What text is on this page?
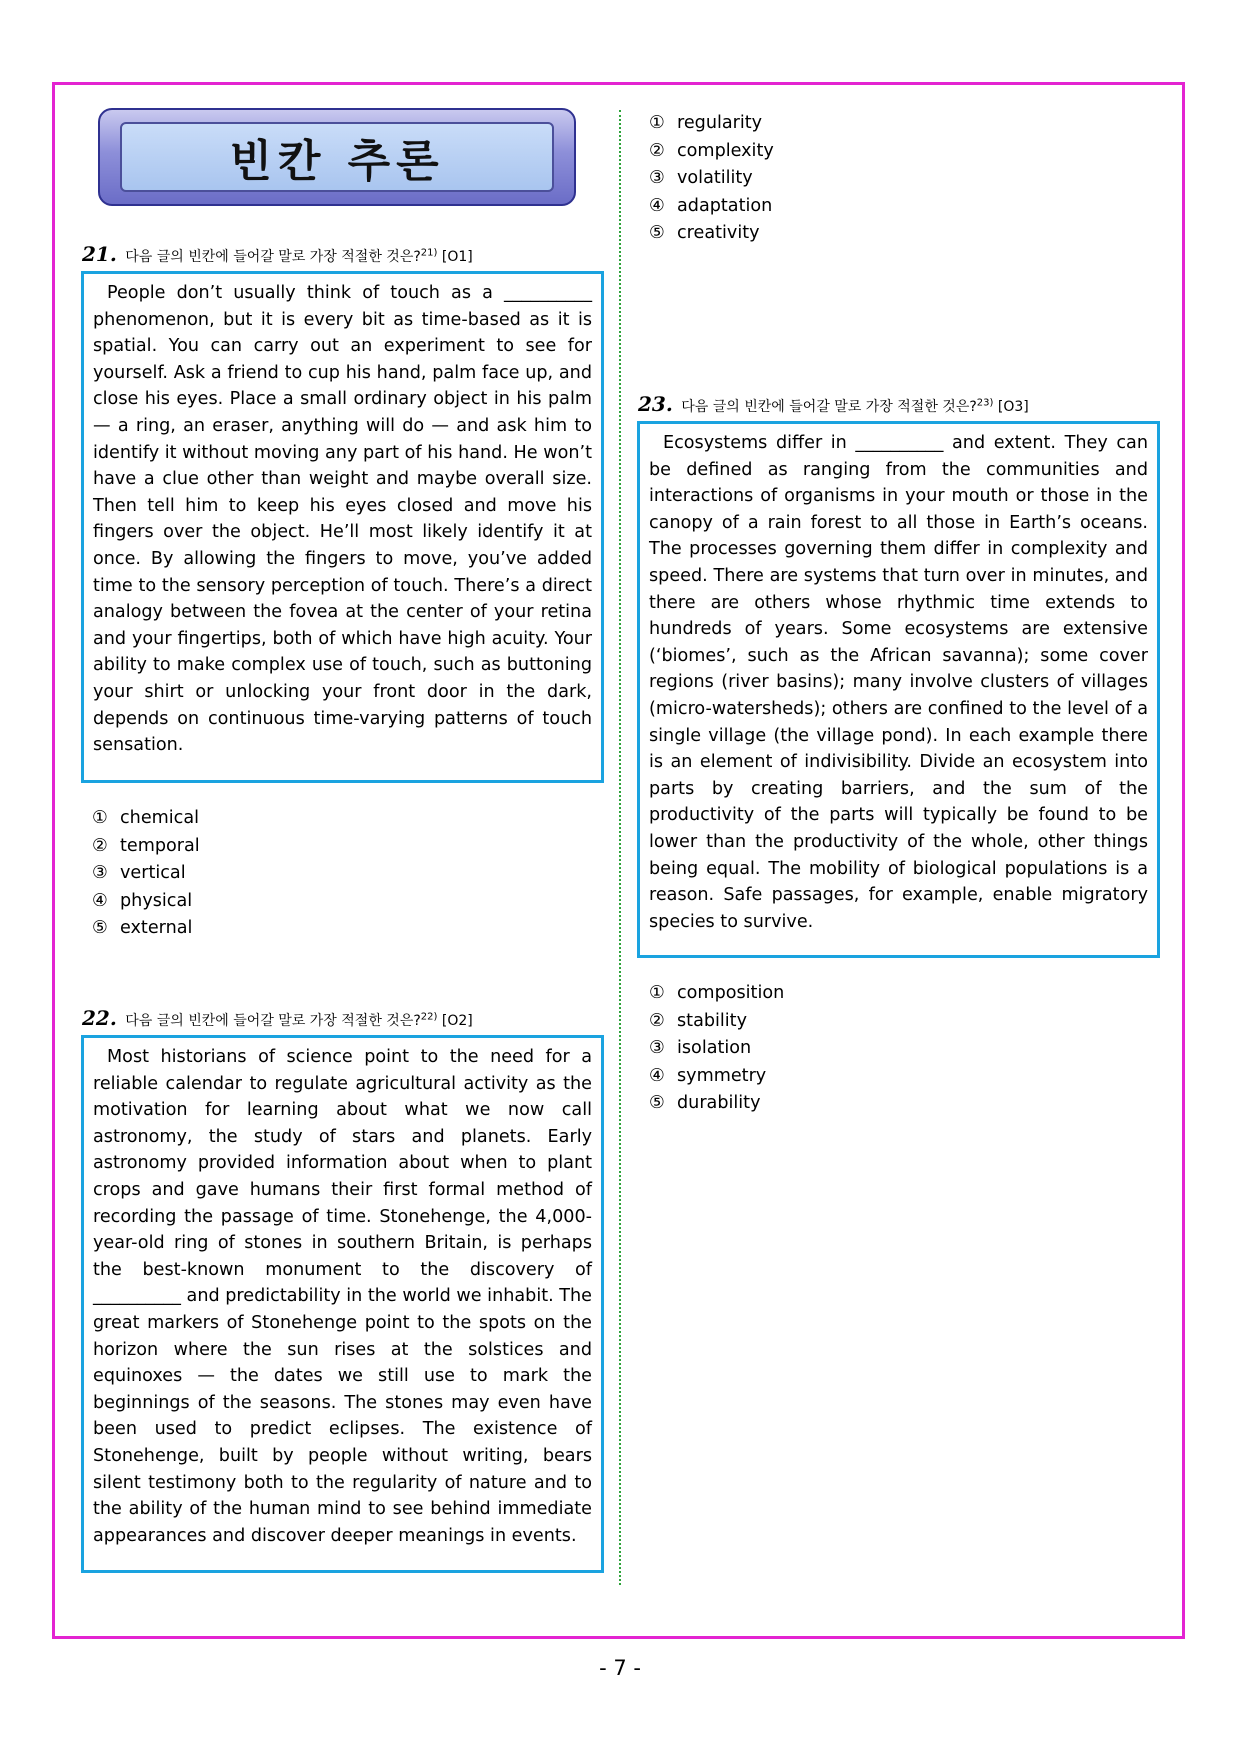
빈칸 추론
21. 다음 글의 빈칸에 들어갈 말로 가장 적절한 것은?$^{21)}$ [O1]

People don’t usually think of touch as a __________ phenomenon, but it is every bit as time-based as it is spatial. You can carry out an experiment to see for yourself. Ask a friend to cup his hand, palm face up, and close his eyes. Place a small ordinary object in his palm — a ring, an eraser, anything will do — and ask him to identify it without moving any part of his hand. He won’t have a clue other than weight and maybe overall size. Then tell him to keep his eyes closed and move his fingers over the object. He’ll most likely identify it at once. By allowing the fingers to move, you’ve added time to the sensory perception of touch. There’s a direct analogy between the fovea at the center of your retina and your fingertips, both of which have high acuity. Your ability to make complex use of touch, such as buttoning your shirt or unlocking your front door in the dark, depends on continuous time-varying patterns of touch sensation.

① chemical
② temporal
③ vertical
④ physical
⑤ external
22. 다음 글의 빈칸에 들어갈 말로 가장 적절한 것은?$^{22)}$ [O2]

Most historians of science point to the need for a reliable calendar to regulate agricultural activity as the motivation for learning about what we now call astronomy, the study of stars and planets. Early astronomy provided information about when to plant crops and gave humans their first formal method of recording the passage of time. Stonehenge, the 4,000-year-old ring of stones in southern Britain, is perhaps the best-known monument to the discovery of __________ and predictability in the world we inhabit. The great markers of Stonehenge point to the spots on the horizon where the sun rises at the solstices and equinoxes — the dates we still use to mark the beginnings of the seasons. The stones may even have been used to predict eclipses. The existence of Stonehenge, built by people without writing, bears silent testimony both to the regularity of nature and to the ability of the human mind to see behind immediate appearances and discover deeper meanings in events.

① regularity
② complexity
③ volatility
④ adaptation
⑤ creativity
23. 다음 글의 빈칸에 들어갈 말로 가장 적절한 것은?$^{23)}$ [O3]

Ecosystems differ in __________ and extent. They can be defined as ranging from the communities and interactions of organisms in your mouth or those in the canopy of a rain forest to all those in Earth’s oceans. The processes governing them differ in complexity and speed. There are systems that turn over in minutes, and there are others whose rhythmic time extends to hundreds of years. Some ecosystems are extensive (‘biomes’, such as the African savanna); some cover regions (river basins); many involve clusters of villages (micro-watersheds); others are confined to the level of a single village (the village pond). In each example there is an element of indivisibility. Divide an ecosystem into parts by creating barriers, and the sum of the productivity of the parts will typically be found to be lower than the productivity of the whole, other things being equal. The mobility of biological populations is a reason. Safe passages, for example, enable migratory species to survive.

① composition
② stability
③ isolation
④ symmetry
⑤ durability
- 7 -
